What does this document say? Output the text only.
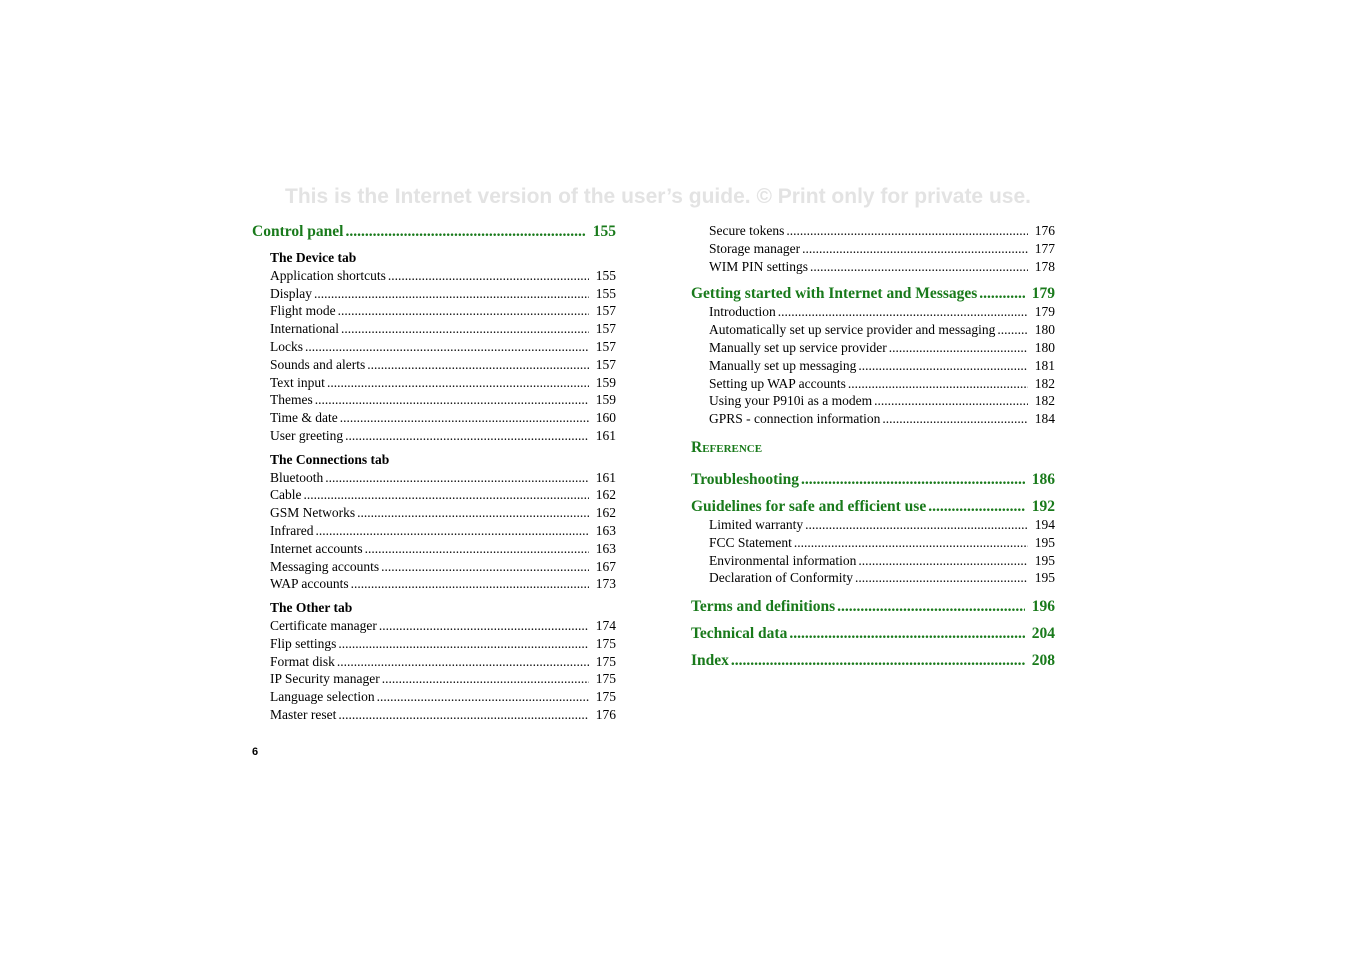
This is the Internet version of the user’s guide. © Print only for private use.
Control panel .....	155
The Device tab
Application shortcuts .....	155
Display .....	155
Flight mode .....	157
International .....	157
Locks .....	157
Sounds and alerts .....	157
Text input .....	159
Themes .....	159
Time & date .....	160
User greeting .....	161
The Connections tab
Bluetooth .....	161
Cable .....	162
GSM Networks .....	162
Infrared .....	163
Internet accounts .....	163
Messaging accounts .....	167
WAP accounts .....	173
The Other tab
Certificate manager .....	174
Flip settings .....	175
Format disk .....	175
IP Security manager .....	175
Language selection .....	175
Master reset .....	176
Secure tokens .....	176
Storage manager .....	177
WIM PIN settings .....	178
Getting started with Internet and Messages .....	179
Introduction .....	179
Automatically set up service provider and messaging .....	180
Manually set up service provider .....	180
Manually set up messaging .....	181
Setting up WAP accounts .....	182
Using your P910i as a modem .....	182
GPRS - connection information .....	184
Reference
Troubleshooting .....	186
Guidelines for safe and efficient use .....	192
Limited warranty .....	194
FCC Statement .....	195
Environmental information .....	195
Declaration of Conformity .....	195
Terms and definitions .....	196
Technical data .....	204
Index .....	208
6
